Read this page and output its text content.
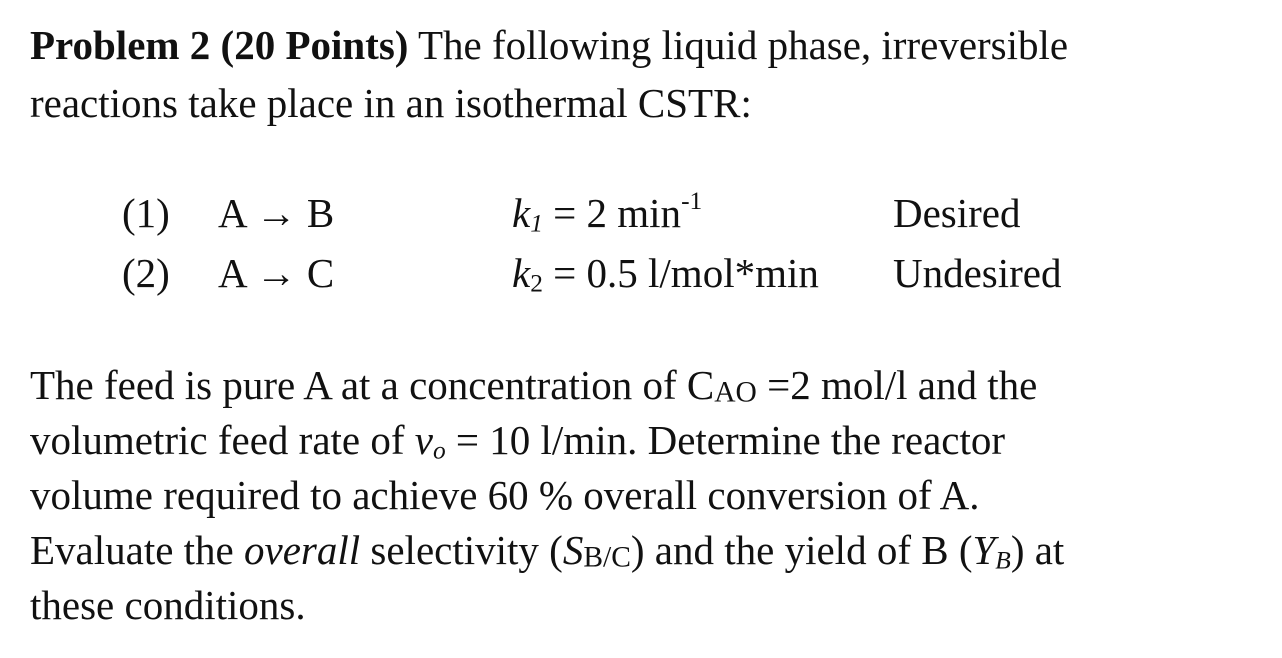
Problem 2 (20 Points) The following liquid phase, irreversible
reactions take place in an isothermal CSTR:
(1) A → B	$k_1 = 2$ $\min^{-1}$	Desired
(2) A → C	$k_2 = 0.5$ l/mol*min Undesired
The feed is pure A at a concentration of CAO =2 mol/l and the
volumetric feed rate of $v_o = 10$ l/min. Determine the reactor
volume required to achieve 60 % overall conversion of A.
Evaluate the overall selectivity (SB/C) and the yield of B $(Y_B)$ at
these conditions.
